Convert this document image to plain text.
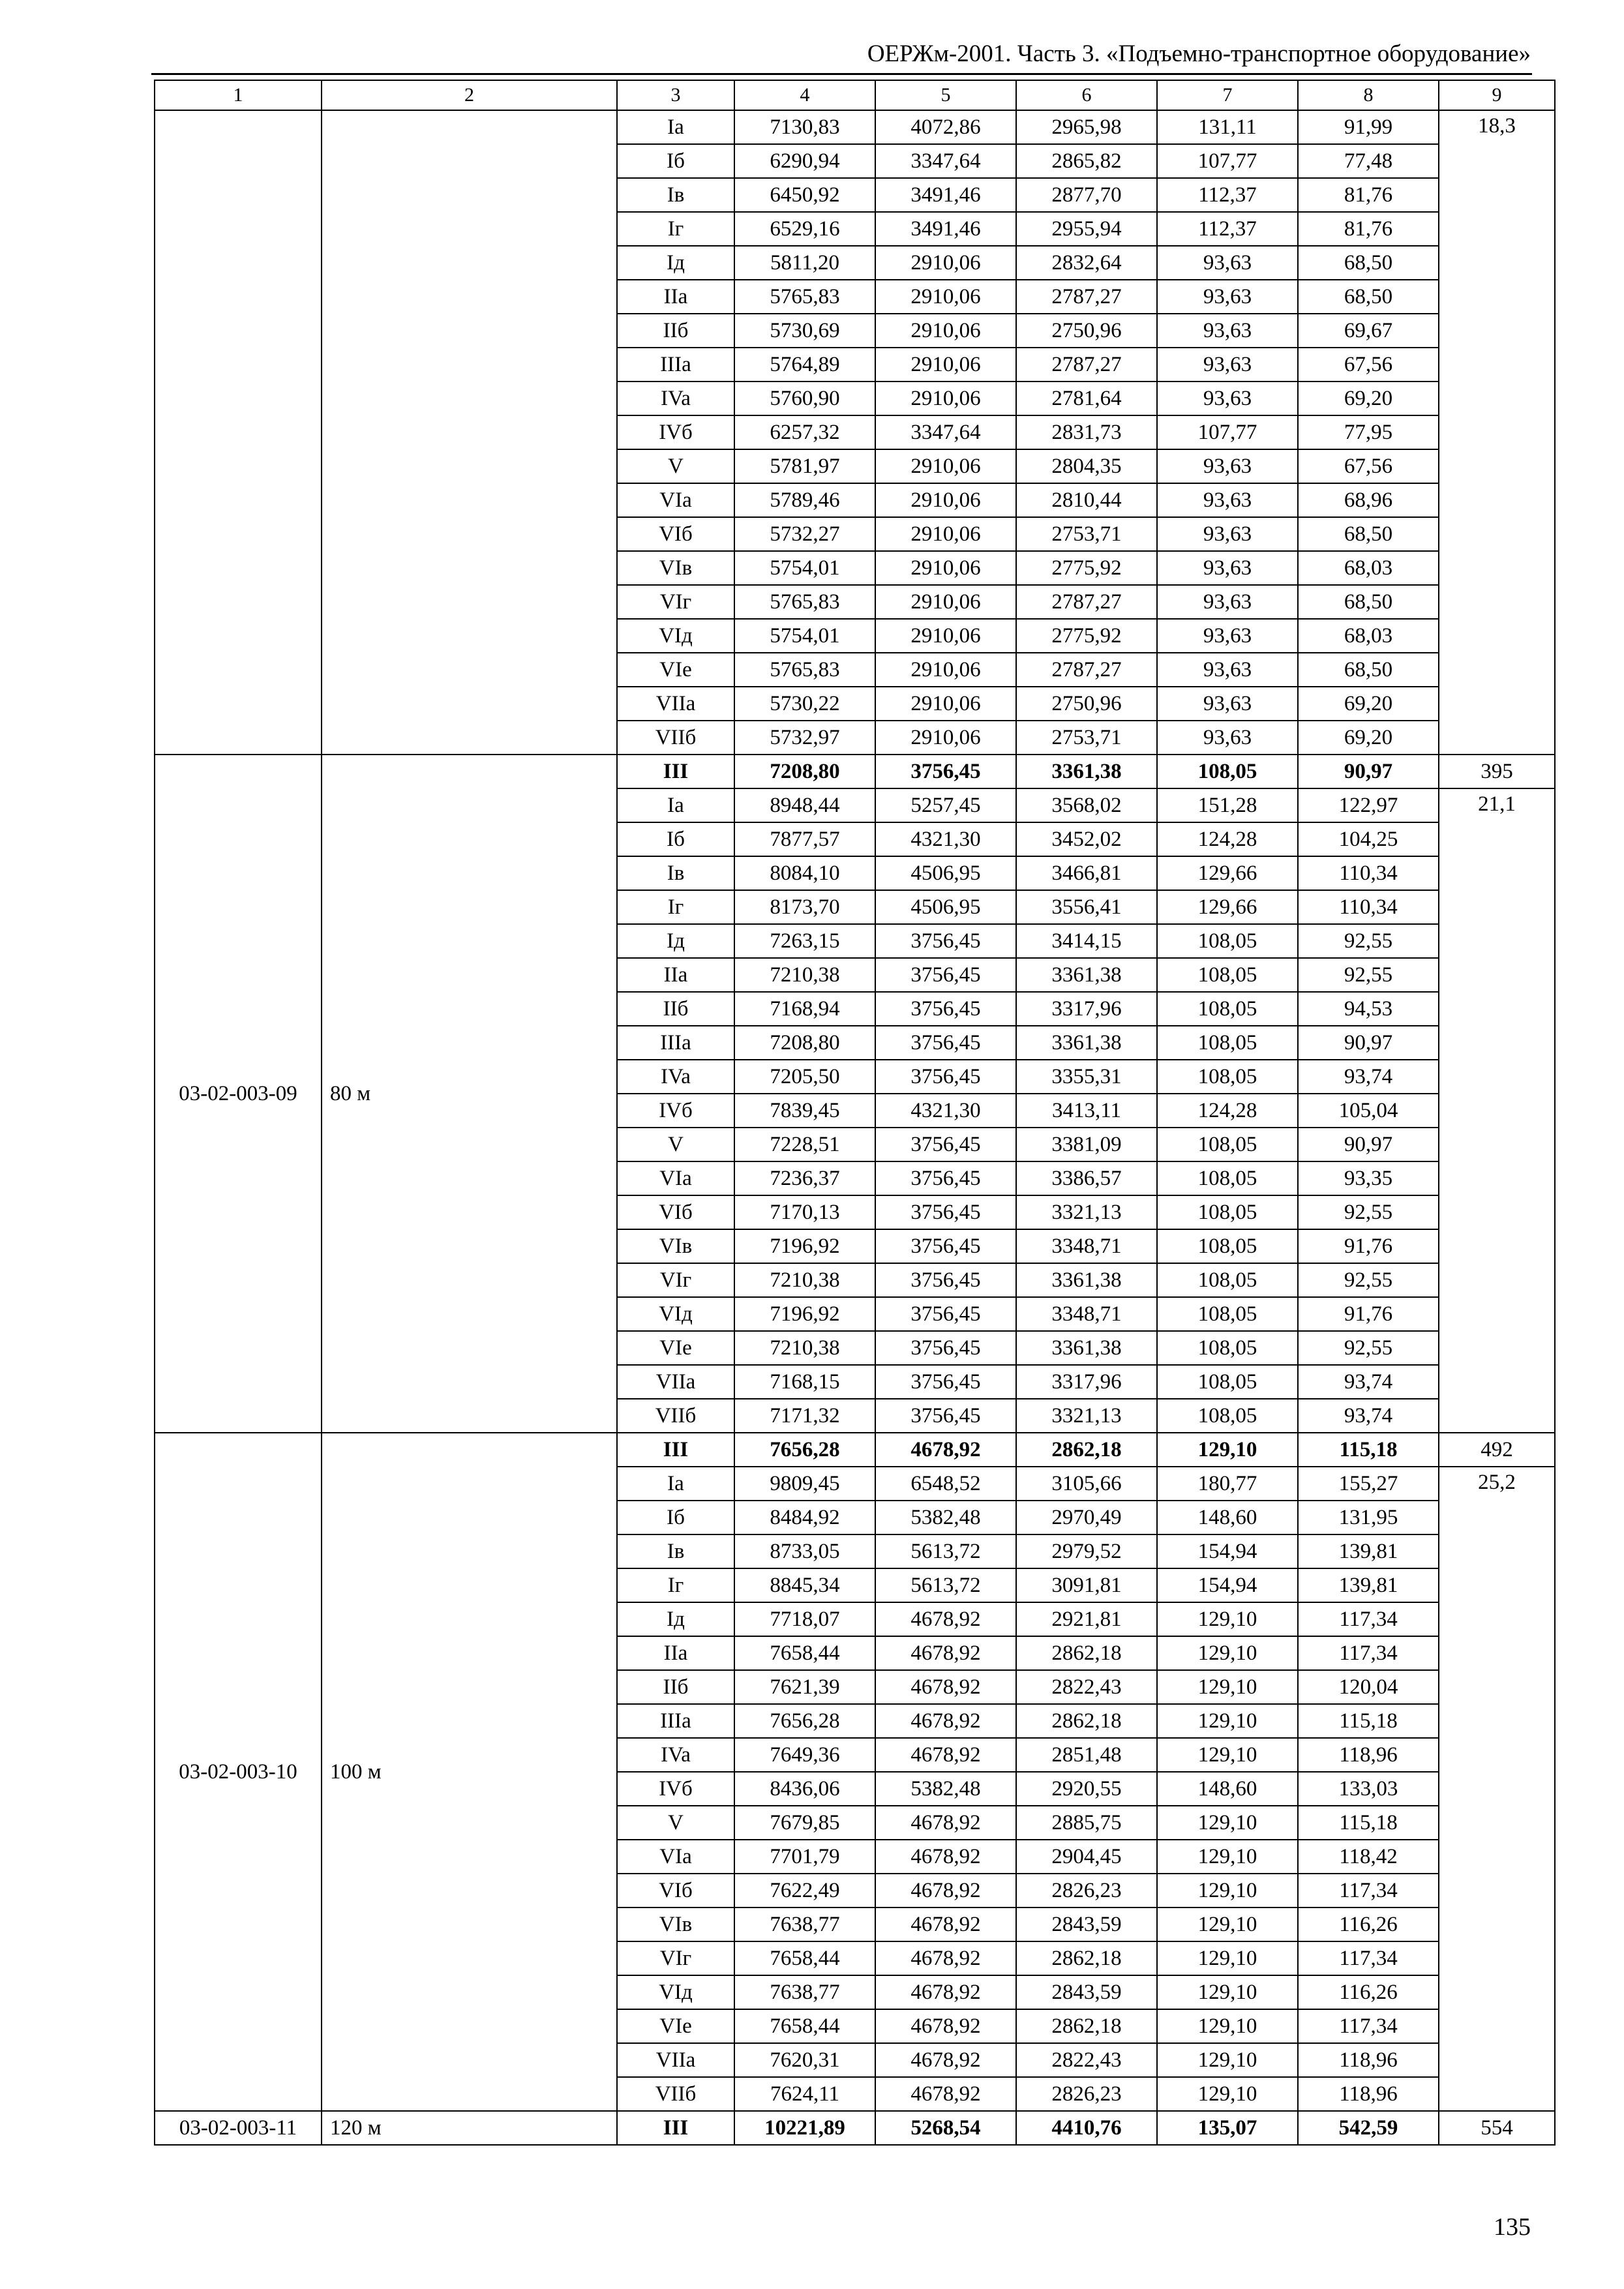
ОЕРЖм-2001. Часть 3. «Подъемно-транспортное оборудование»
1	2	3	4	5	6	7	8	9
		Ia	7130,83	4072,86	2965,98	131,11	91,99	18,3
		Iб	6290,94	3347,64	2865,82	107,77	77,48	
		Iв	6450,92	3491,46	2877,70	112,37	81,76	
		Iг	6529,16	3491,46	2955,94	112,37	81,76	
		Iд	5811,20	2910,06	2832,64	93,63	68,50	
		IIa	5765,83	2910,06	2787,27	93,63	68,50	
		IIб	5730,69	2910,06	2750,96	93,63	69,67	
		IIIa	5764,89	2910,06	2787,27	93,63	67,56	
		IVa	5760,90	2910,06	2781,64	93,63	69,20	
		IVб	6257,32	3347,64	2831,73	107,77	77,95	
		V	5781,97	2910,06	2804,35	93,63	67,56	
		VIa	5789,46	2910,06	2810,44	93,63	68,96	
		VIб	5732,27	2910,06	2753,71	93,63	68,50	
		VIв	5754,01	2910,06	2775,92	93,63	68,03	
		VIг	5765,83	2910,06	2787,27	93,63	68,50	
		VIд	5754,01	2910,06	2775,92	93,63	68,03	
		VIe	5765,83	2910,06	2787,27	93,63	68,50	
		VIIa	5730,22	2910,06	2750,96	93,63	69,20	
		VIIб	5732,97	2910,06	2753,71	93,63	69,20	
03-02-003-09	80 м	III	7208,80	3756,45	3361,38	108,05	90,97	395
		Ia	8948,44	5257,45	3568,02	151,28	122,97	21,1
		Iб	7877,57	4321,30	3452,02	124,28	104,25	
		Iв	8084,10	4506,95	3466,81	129,66	110,34	
		Iг	8173,70	4506,95	3556,41	129,66	110,34	
		Iд	7263,15	3756,45	3414,15	108,05	92,55	
		IIa	7210,38	3756,45	3361,38	108,05	92,55	
		IIб	7168,94	3756,45	3317,96	108,05	94,53	
		IIIa	7208,80	3756,45	3361,38	108,05	90,97	
		IVa	7205,50	3756,45	3355,31	108,05	93,74	
		IVб	7839,45	4321,30	3413,11	124,28	105,04	
		V	7228,51	3756,45	3381,09	108,05	90,97	
		VIa	7236,37	3756,45	3386,57	108,05	93,35	
		VIб	7170,13	3756,45	3321,13	108,05	92,55	
		VIв	7196,92	3756,45	3348,71	108,05	91,76	
		VIг	7210,38	3756,45	3361,38	108,05	92,55	
		VIд	7196,92	3756,45	3348,71	108,05	91,76	
		VIe	7210,38	3756,45	3361,38	108,05	92,55	
		VIIa	7168,15	3756,45	3317,96	108,05	93,74	
		VIIб	7171,32	3756,45	3321,13	108,05	93,74	
03-02-003-10	100 м	III	7656,28	4678,92	2862,18	129,10	115,18	492
		Ia	9809,45	6548,52	3105,66	180,77	155,27	25,2
		Iб	8484,92	5382,48	2970,49	148,60	131,95	
		Iв	8733,05	5613,72	2979,52	154,94	139,81	
		Iг	8845,34	5613,72	3091,81	154,94	139,81	
		Iд	7718,07	4678,92	2921,81	129,10	117,34	
		IIa	7658,44	4678,92	2862,18	129,10	117,34	
		IIб	7621,39	4678,92	2822,43	129,10	120,04	
		IIIa	7656,28	4678,92	2862,18	129,10	115,18	
		IVa	7649,36	4678,92	2851,48	129,10	118,96	
		IVб	8436,06	5382,48	2920,55	148,60	133,03	
		V	7679,85	4678,92	2885,75	129,10	115,18	
		VIa	7701,79	4678,92	2904,45	129,10	118,42	
		VIб	7622,49	4678,92	2826,23	129,10	117,34	
		VIв	7638,77	4678,92	2843,59	129,10	116,26	
		VIг	7658,44	4678,92	2862,18	129,10	117,34	
		VIд	7638,77	4678,92	2843,59	129,10	116,26	
		VIe	7658,44	4678,92	2862,18	129,10	117,34	
		VIIa	7620,31	4678,92	2822,43	129,10	118,96	
		VIIб	7624,11	4678,92	2826,23	129,10	118,96	
03-02-003-11	120 м	III	10221,89	5268,54	4410,76	135,07	542,59	554
135
